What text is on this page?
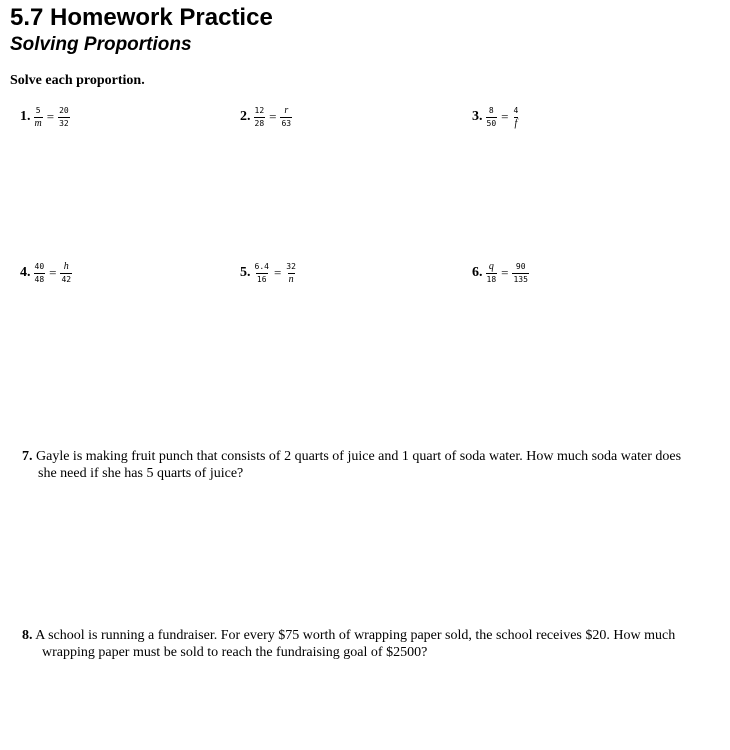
5.7 Homework Practice
Solving Proportions
Solve each proportion.
1. $\frac{5}{m} = \frac{20}{32}$	2. $\frac{12}{28} = \frac{r}{63}$	3. $\frac{8}{50} = \frac{4}{f}$
4. $\frac{40}{48} = \frac{h}{42}$	5. $\frac{6.4}{16} = \frac{32}{n}$	6. $\frac{q}{18} = \frac{90}{135}$
7. Gayle is making fruit punch that consists of 2 quarts of juice and 1 quart of soda water. How much soda water does
she need if she has 5 quarts of juice?
8. A school is running a fundraiser. For every $75 worth of wrapping paper sold, the school receives $20. How much
wrapping paper must be sold to reach the fundraising goal of $2500?
